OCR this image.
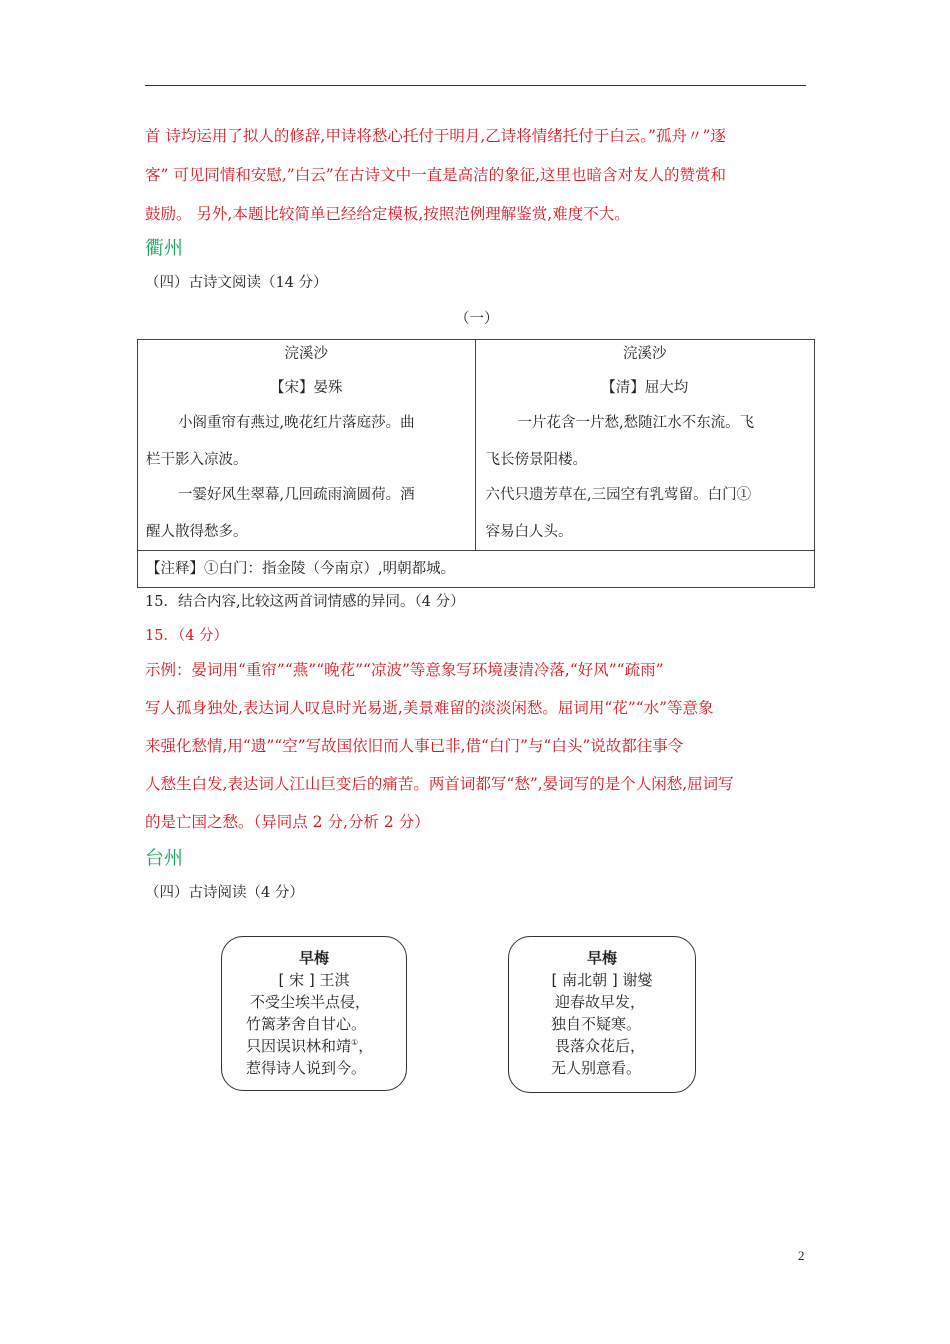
首 诗均运用了拟人的修辞,甲诗将愁心托付于明月,乙诗将情绪托付于白云。”孤舟〃”逐
客” 可见同情和安慰,”白云”在古诗文中一直是高洁的象征,这里也暗含对友人的赞赏和
鼓励。 另外,本题比较简单已经给定模板,按照范例理解鉴赏,难度不大。
衢州
（四）古诗文阅读（14 分）
（一）
浣溪沙
【宋】晏殊
小阁重帘有燕过,晚花红片落庭莎。曲
栏干影入凉波。
一霎好风生翠幕,几回疏雨滴圆荷。酒
醒人散得愁多。

浣溪沙
【清】屈大均
一片花含一片愁,愁随江水不东流。飞
飞长傍景阳楼。
六代只遗芳草在,三园空有乳莺留。白门①
容易白人头。

【注释】①白门：指金陵（今南京）,明朝都城。
15．结合内容,比较这两首词情感的异同。（4 分）
15．（4 分）
示例：晏词用“重帘”“燕”“晚花”“凉波”等意象写环境凄清冷落,“好风”“疏雨”
写人孤身独处,表达词人叹息时光易逝,美景难留的淡淡闲愁。屈词用“花”“水”等意象
来强化愁情,用“遗”“空”写故国依旧而人事已非,借“白门”与“白头”说故都往事令
人愁生白发,表达词人江山巨变后的痛苦。两首词都写“愁”,晏词写的是个人闲愁,屈词写
的是亡国之愁。（异同点 2 分,分析 2 分）
台州
（四）古诗阅读（4 分）
早梅
[ 宋 ] 王淇
不受尘埃半点侵，
竹篱茅舍自甘心。
只因误识林和靖①，
惹得诗人说到今。
早梅
[ 南北朝 ] 谢燮
迎春故早发，
独自不疑寒。
畏落众花后，
无人别意看。
2
